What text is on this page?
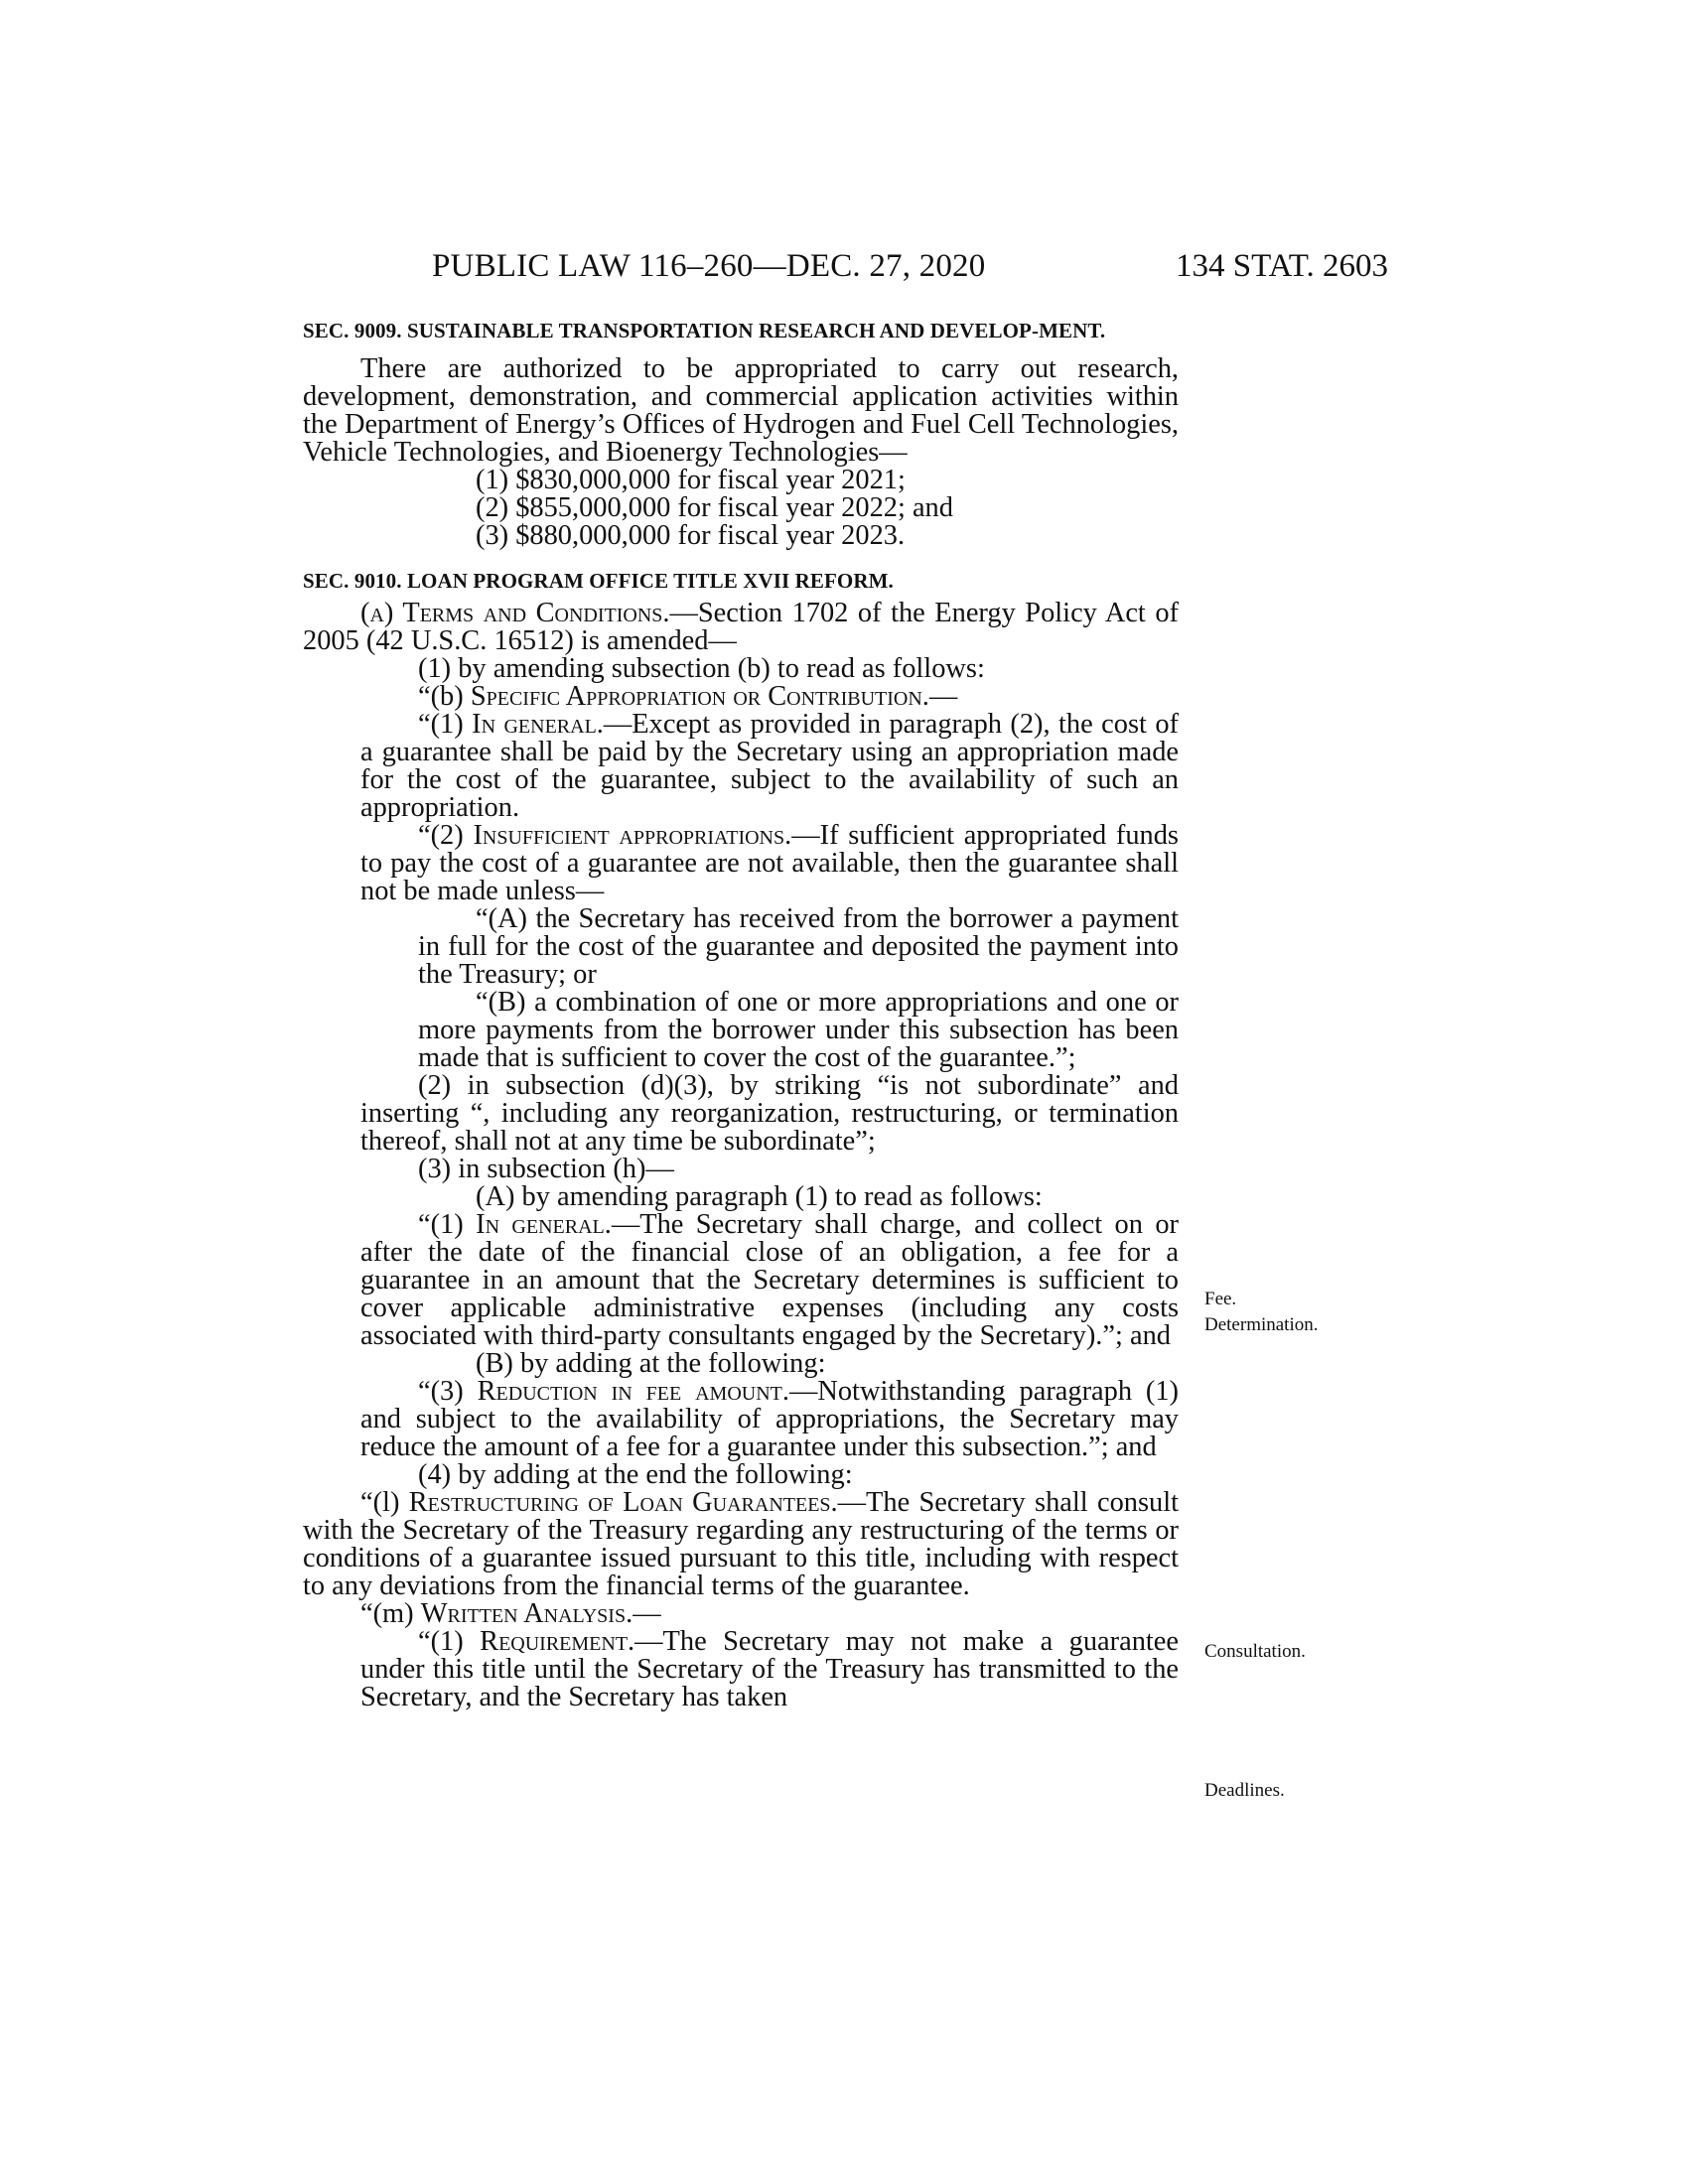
PUBLIC LAW 116–260—DEC. 27, 2020	134 STAT. 2603
SEC. 9009. SUSTAINABLE TRANSPORTATION RESEARCH AND DEVELOP-MENT.
There are authorized to be appropriated to carry out research, development, demonstration, and commercial application activities within the Department of Energy’s Offices of Hydrogen and Fuel Cell Technologies, Vehicle Technologies, and Bioenergy Technologies—
(1) $830,000,000 for fiscal year 2021;
(2) $855,000,000 for fiscal year 2022; and
(3) $880,000,000 for fiscal year 2023.
SEC. 9010. LOAN PROGRAM OFFICE TITLE XVII REFORM.
(a) Terms and Conditions.—Section 1702 of the Energy Policy Act of 2005 (42 U.S.C. 16512) is amended—
(1) by amending subsection (b) to read as follows:
“(b) Specific Appropriation or Contribution.—
“(1) In general.—Except as provided in paragraph (2), the cost of a guarantee shall be paid by the Secretary using an appropriation made for the cost of the guarantee, subject to the availability of such an appropriation.
“(2) Insufficient appropriations.—If sufficient appropriated funds to pay the cost of a guarantee are not available, then the guarantee shall not be made unless—
“(A) the Secretary has received from the borrower a payment in full for the cost of the guarantee and deposited the payment into the Treasury; or
“(B) a combination of one or more appropriations and one or more payments from the borrower under this subsection has been made that is sufficient to cover the cost of the guarantee.”;
(2) in subsection (d)(3), by striking “is not subordinate” and inserting “, including any reorganization, restructuring, or termination thereof, shall not at any time be subordinate”;
(3) in subsection (h)—
(A) by amending paragraph (1) to read as follows:
“(1) In general.—The Secretary shall charge, and collect on or after the date of the financial close of an obligation, a fee for a guarantee in an amount that the Secretary determines is sufficient to cover applicable administrative expenses (including any costs associated with third-party consultants engaged by the Secretary).”; and
(B) by adding at the following:
“(3) Reduction in fee amount.—Notwithstanding paragraph (1) and subject to the availability of appropriations, the Secretary may reduce the amount of a fee for a guarantee under this subsection.”; and
(4) by adding at the end the following:
“(l) Restructuring of Loan Guarantees.—The Secretary shall consult with the Secretary of the Treasury regarding any restructuring of the terms or conditions of a guarantee issued pursuant to this title, including with respect to any deviations from the financial terms of the guarantee.
“(m) Written Analysis.—
“(1) Requirement.—The Secretary may not make a guarantee under this title until the Secretary of the Treasury has transmitted to the Secretary, and the Secretary has taken
Fee.
Determination.
Consultation.
Deadlines.
